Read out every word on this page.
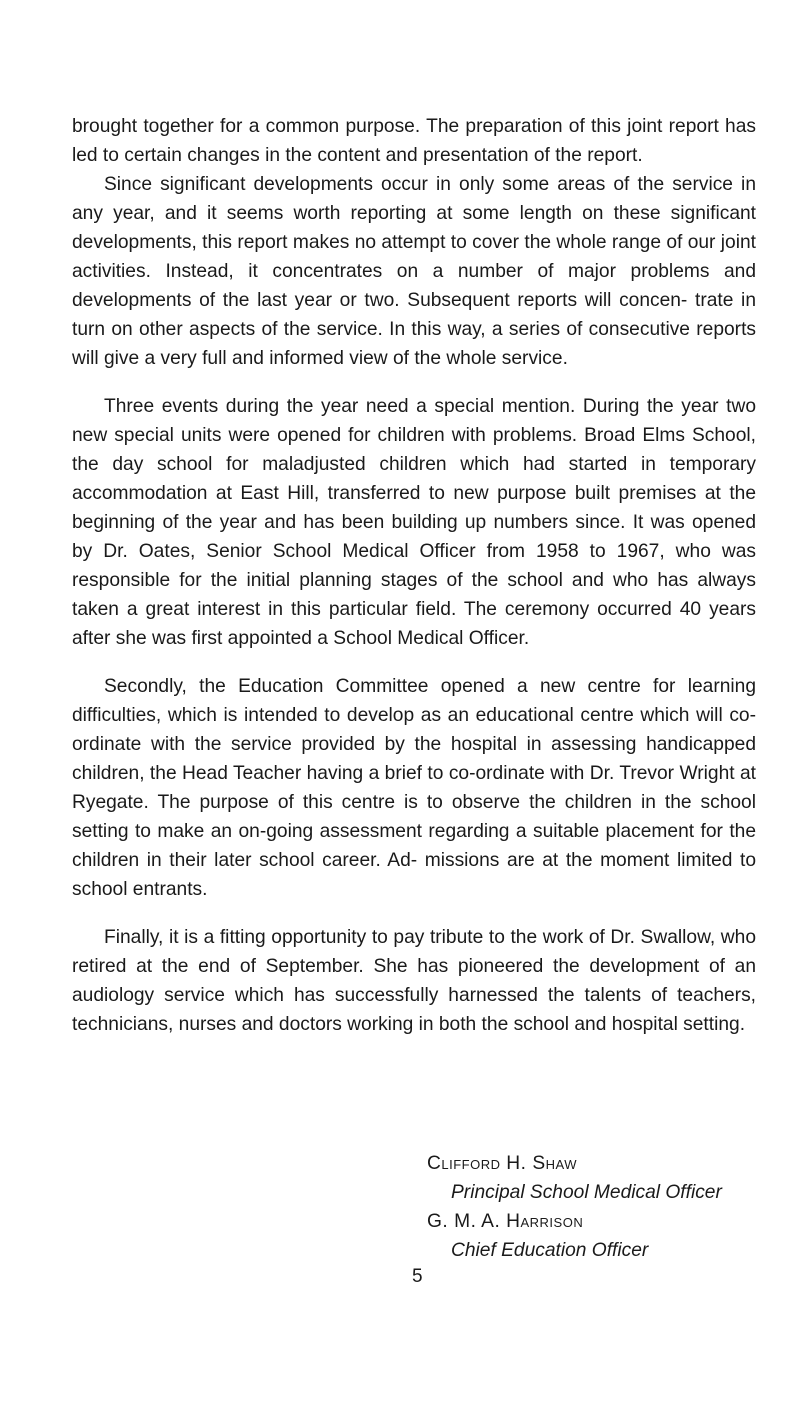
brought together for a common purpose. The preparation of this joint report has led to certain changes in the content and presentation of the report.

Since significant developments occur in only some areas of the service in any year, and it seems worth reporting at some length on these significant developments, this report makes no attempt to cover the whole range of our joint activities. Instead, it concentrates on a number of major problems and developments of the last year or two. Subsequent reports will concen- trate in turn on other aspects of the service. In this way, a series of consecutive reports will give a very full and informed view of the whole service.

Three events during the year need a special mention. During the year two new special units were opened for children with problems. Broad Elms School, the day school for maladjusted children which had started in temporary accommodation at East Hill, transferred to new purpose built premises at the beginning of the year and has been building up numbers since. It was opened by Dr. Oates, Senior School Medical Officer from 1958 to 1967, who was responsible for the initial planning stages of the school and who has always taken a great interest in this particular field. The ceremony occurred 40 years after she was first appointed a School Medical Officer.

Secondly, the Education Committee opened a new centre for learning difficulties, which is intended to develop as an educational centre which will co-ordinate with the service provided by the hospital in assessing handicapped children, the Head Teacher having a brief to co-ordinate with Dr. Trevor Wright at Ryegate. The purpose of this centre is to observe the children in the school setting to make an on-going assessment regarding a suitable placement for the children in their later school career. Ad- missions are at the moment limited to school entrants.

Finally, it is a fitting opportunity to pay tribute to the work of Dr. Swallow, who retired at the end of September. She has pioneered the development of an audiology service which has successfully harnessed the talents of teachers, technicians, nurses and doctors working in both the school and hospital setting.

Clifford H. Shaw
Principal School Medical Officer
G. M. A. Harrison
Chief Education Officer
5
